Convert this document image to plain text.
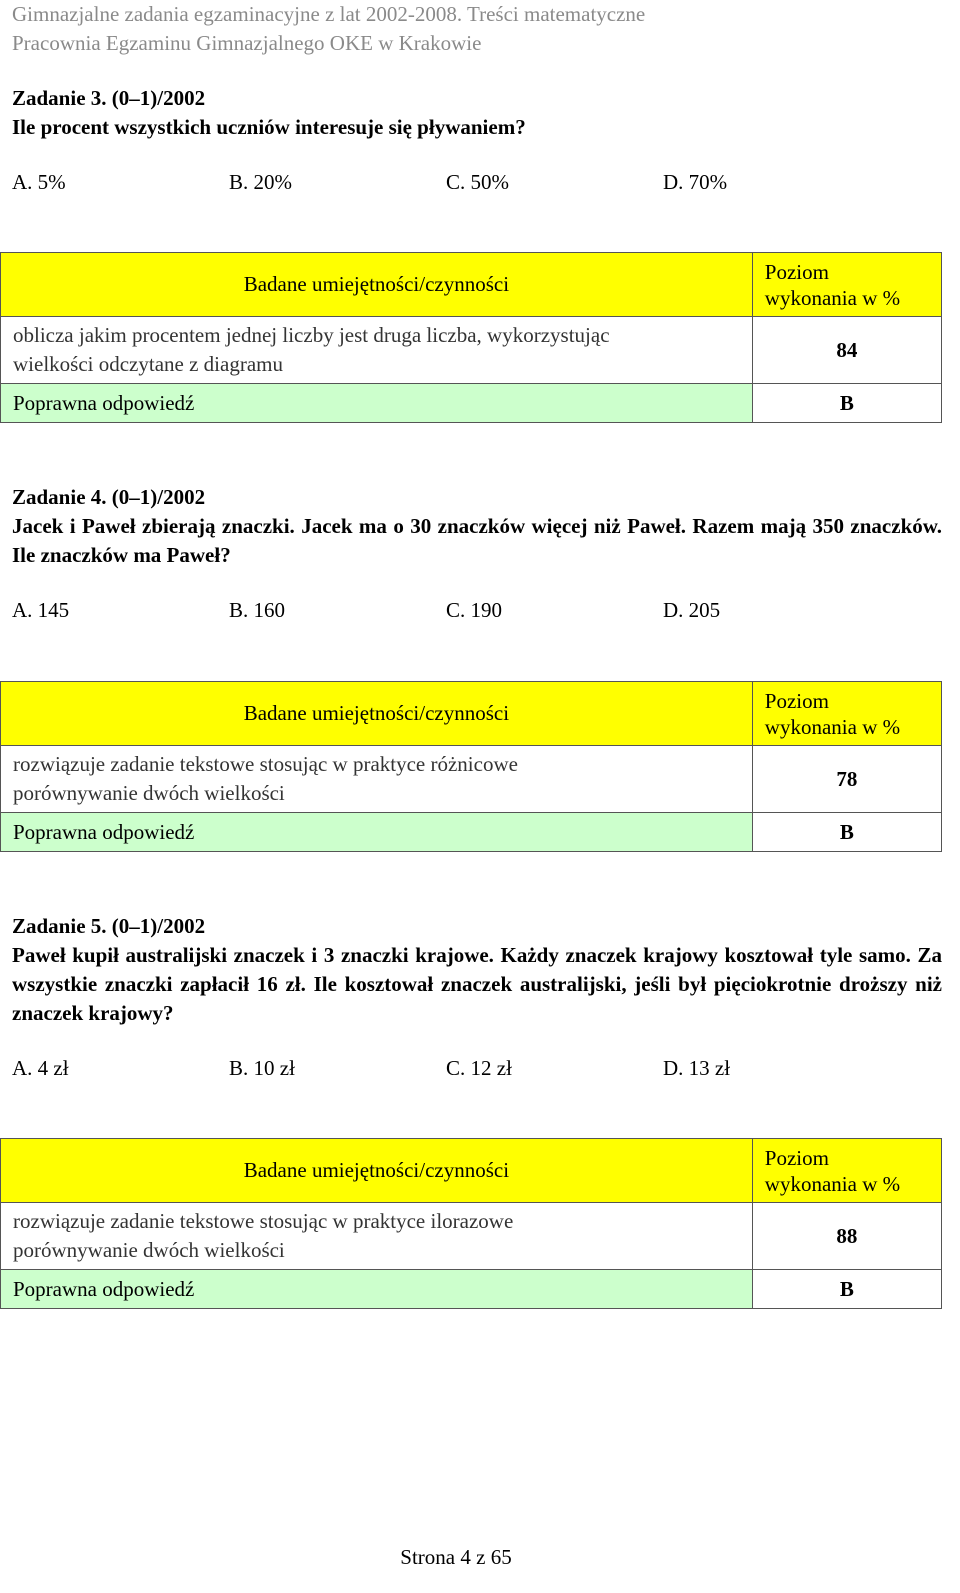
Gimnazjalne zadania egzaminacyjne z lat 2002-2008. Treści matematyczne
Pracownia Egzaminu Gimnazjalnego OKE w Krakowie
Zadanie 3. (0–1)/2002
Ile procent wszystkich uczniów interesuje się pływaniem?
A. 5%	B. 20%	C. 50%	D. 70%
Badane umiejętności/czynności	Poziom
wykonania w %

oblicza jakim procentem jednej liczby jest druga liczba, wykorzystując
wielkości odczytane z diagramu	84
Poprawna odpowiedź	B
Zadanie 4. (0–1)/2002
Jacek i Paweł zbierają znaczki. Jacek ma o 30 znaczków więcej niż Paweł. Razem mają 350 znaczków. Ile znaczków ma Paweł?
A. 145	B. 160	C. 190	D. 205
Badane umiejętności/czynności	Poziom
wykonania w %

rozwiązuje zadanie tekstowe stosując w praktyce różnicowe
porównywanie dwóch wielkości	78
Poprawna odpowiedź	B
Zadanie 5. (0–1)/2002
Paweł kupił australijski znaczek i 3 znaczki krajowe. Każdy znaczek krajowy kosztował tyle samo. Za wszystkie znaczki zapłacił 16 zł. Ile kosztował znaczek australijski, jeśli był pięciokrotnie droższy niż znaczek krajowy?
A. 4 zł	B. 10 zł	C. 12 zł	D. 13 zł
Badane umiejętności/czynności	Poziom
wykonania w %

rozwiązuje zadanie tekstowe stosując w praktyce ilorazowe
porównywanie dwóch wielkości	88
Poprawna odpowiedź	B
Strona 4 z 65
